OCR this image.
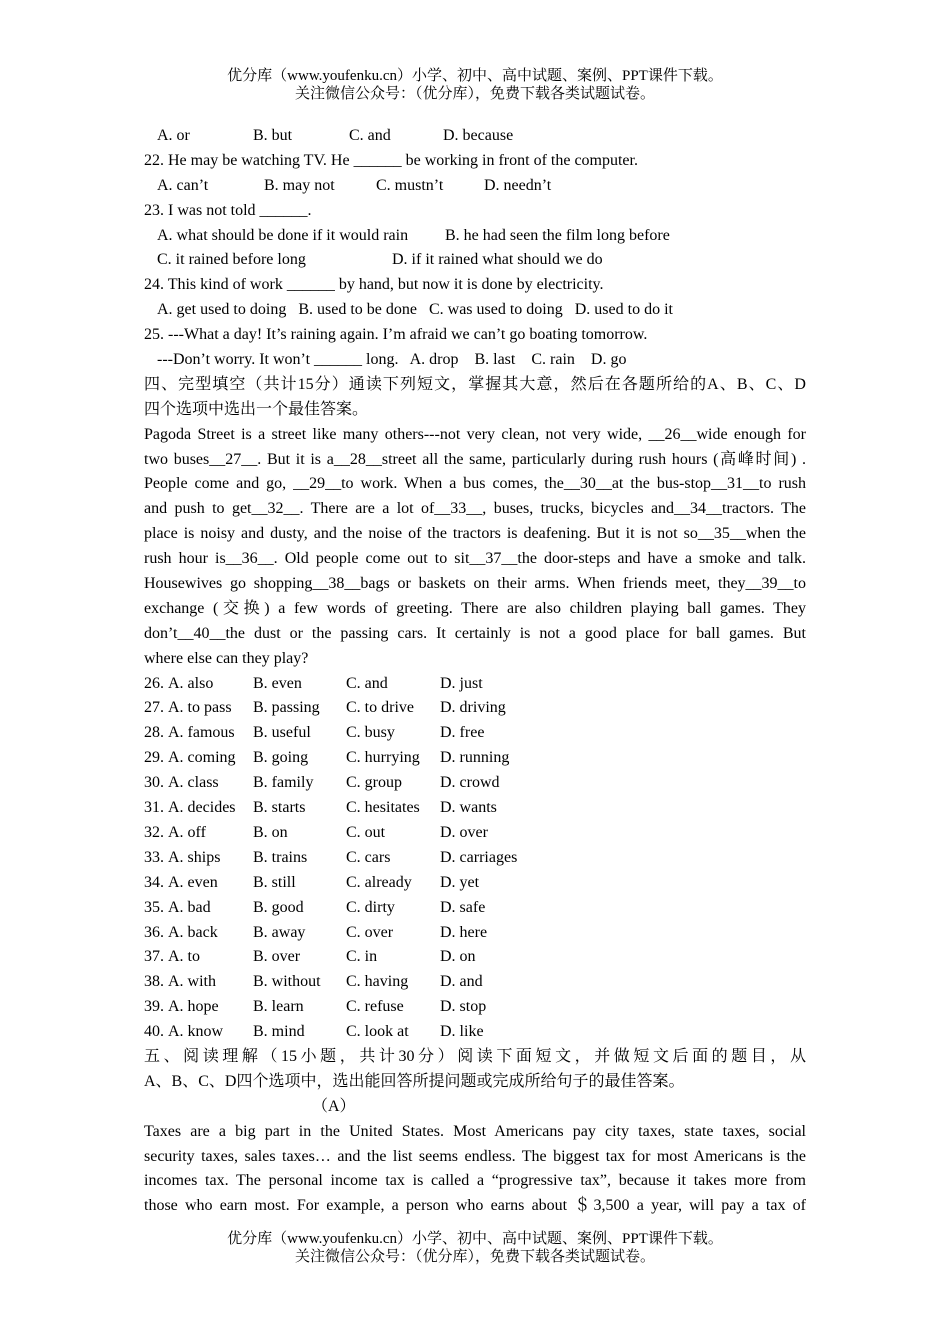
优分库（www.youfenku.cn）小学、初中、高中试题、案例、PPT课件下载。
关注微信公众号：（优分库），免费下载各类试题试卷。
A. or	B. but	C. and	D. because
22. He may be watching TV. He ______ be working in front of the computer.
A. can’t	B. may not	C. mustn’t	D. needn’t
23. I was not told ______.
A. what should be done if it would rain	B. he had seen the film long before
C. it rained before long	D. if it rained what should we do
24. This kind of work ______ by hand, but now it is done by electricity.
A. get used to doing   B. used to be done   C. was used to doing   D. used to do it
25. ---What a day! It’s raining again. I’m afraid we can’t go boating tomorrow.
---Don’t worry. It won’t ______ long.   A. drop    B. last    C. rain    D. go
四、完型填空（共计15分）通读下列短文，掌握其大意，然后在各题所给的A、B、C、D
四个选项中选出一个最佳答案。
Pagoda Street is a street like many others---not very clean, not very wide, __26__wide enough for
two buses__27__. But it is a__28__street all the same, particularly during rush hours (高峰时间) .
People come and go, __29__to work. When a bus comes, the__30__at the bus-stop__31__to rush
and push to get__32__. There are a lot of__33__, buses, trucks, bicycles and__34__tractors. The
place is noisy and dusty, and the noise of the tractors is deafening. But it is not so__35__when the
rush hour is__36__. Old people come out to sit__37__the door-steps and have a smoke and talk.
Housewives go shopping__38__bags or baskets on their arms. When friends meet, they__39__to
exchange (交换) a few words of greeting. There are also children playing ball games. They
don’t__40__the dust or the passing cars. It certainly is not a good place for ball games. But
where else can they play?
26. A. also	B. even	C. and	D. just
27. A. to pass	B. passing	C. to drive	D. driving
28. A. famous	B. useful	C. busy	D. free
29. A. coming	B. going	C. hurrying	D. running
30. A. class	B. family	C. group	D. crowd
31. A. decides	B. starts	C. hesitates	D. wants
32. A. off	B. on	C. out	D. over
33. A. ships	B. trains	C. cars	D. carriages
34. A. even	B. still	C. already	D. yet
35. A. bad	B. good	C. dirty	D. safe
36. A. back	B. away	C. over	D. here
37. A. to	B. over	C. in	D. on
38. A. with	B. without	C. having	D. and
39. A. hope	B. learn	C. refuse	D. stop
40. A. know	B. mind	C. look at	D. like
五、阅读理解（15小题，共计30分）阅读下面短文，并做短文后面的题目，从
A、B、C、D四个选项中，选出能回答所提问题或完成所给句子的最佳答案。
（A）
Taxes are a big part in the United States. Most Americans pay city taxes, state taxes, social
security taxes, sales taxes… and the list seems endless. The biggest tax for most Americans is the
incomes tax. The personal income tax is called a “progressive tax”, because it takes more from
those who earn most. For example, a person who earns about ＄3,500 a year, will pay a tax of
优分库（www.youfenku.cn）小学、初中、高中试题、案例、PPT课件下载。
关注微信公众号：（优分库），免费下载各类试题试卷。
